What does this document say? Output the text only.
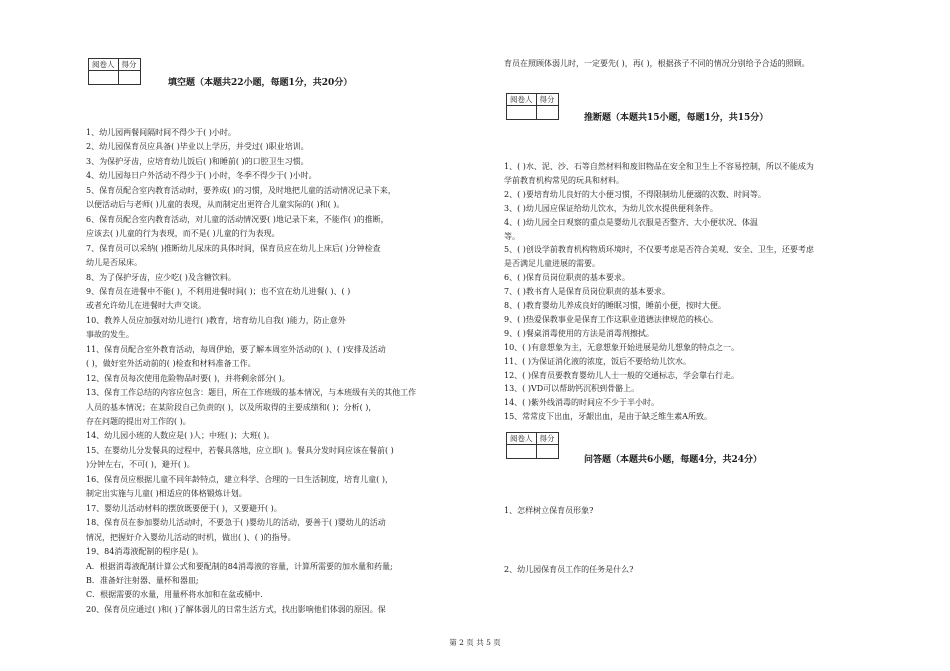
阅卷人	得分

填空题（本题共22小题，每题1分，共20分）
1、幼儿园两餐间隔时间不得少于( )小时。
2、幼儿园保育员应具备( )毕业以上学历，并受过( )职业培训。
3、为保护牙齿，应培育幼儿饭后( )和睡前( )的口腔卫生习惯。
4、幼儿园每日户外活动不得少于( )小时，冬季不得少于( )小时。
5、保育员配合室内教育活动时，要养成( )的习惯，及时地把儿童的活动情况记录下来，
以便活动后与老师( )儿童的表现，从而制定出更符合儿童实际的( )和( )。
6、保育员配合室内教育活动，对儿童的活动情况要( )地记录下来，不能作( )的推断，
应该去( )儿童的行为表现，而不是( )儿童的行为表现。
7、保育员可以采纳( )推断幼儿尿床的具体时间，保育员应在幼儿上床后( )分钟检查
幼儿是否尿床。
8、为了保护牙齿，应少吃( )及含糖饮料。
9、保育员在进餐中不能( )，不利用进餐时间( )；也不宜在幼儿进餐( )、( )
或者允许幼儿在进餐时大声交谈。
10、教养人员应加强对幼儿进行( )教育，培育幼儿自我( )能力，防止意外
事故的发生。
11、保育员配合室外教育活动，每周伊始，要了解本周室外活动的( )、( )安排及活动
( )，做好室外活动前的( )检查和材料准备工作。
12、保育员每次使用危险物品时要( )，并将剩余部分( )。
13、保育工作总结的内容应包含：题目，所在工作班级的基本情况，与本班级有关的其他工作
人员的基本情况；在某阶段自己负责的( )，以及所取得的主要成绩和( )；分析( )，
存在问题的提出对工作的( )。
14、幼儿园小班的人数应是( )人；中班( )；大班( )。
15、在婴幼儿分发餐具的过程中，若餐具落地，应立即( )。餐具分发时间应该在餐前( )
)分钟左右，不可( )，避开( )。
16、保育员应根据儿童不同年龄特点，建立科学、合理的一日生活制度，培育儿童( )，
制定出实施与儿童( )相适应的体格锻炼计划。
17、婴幼儿活动材料的摆放既要便于( )，又要避开( )。
18、保育员在参加婴幼儿活动时，不要急于( )婴幼儿的活动，要善于( )婴幼儿的活动
情况，把握好介入婴幼儿活动的时机，做出( )、( )的指导。
19、84消毒液配制的程序是( )。
A．根据消毒液配制计算公式和要配制的84消毒液的容量，计算所需要的加水量和药量;
B．准备好注射器、量杯和器皿;
C．根据需要的水量，用量杯将水加和在盆或桶中.
20、保育员应通过( )和( )了解体弱儿的日常生活方式，找出影响他们体弱的原因。保
育员在照顾体弱儿时，一定要先( )，再( )，根据孩子不同的情况分别给予合适的照顾。
阅卷人	得分

推断题（本题共15小题，每题1分，共15分）
1、( )水、泥、沙、石等自然材料和废旧物品在安全和卫生上不容易控制，所以不能成为
学前教育机构常见的玩具和材料。
2、( )要培育幼儿良好的大小便习惯，不得限制幼儿便溺的次数、时间等。
3、( )幼儿园应保证给幼儿饮水，为幼儿饮水提供便利条件。
4、( )幼儿园全日观察的重点是婴幼儿衣服是否整齐、大小便状况、体温
等。
5、( )创设学前教育机构物质环境时，不仅要考虑是否符合美观、安全、卫生，还要考虑
是否满足儿童进展的需要。
6、( )保育员岗位职责的基本要求。
7、( )教书育人是保育员岗位职责的基本要求。
8、( )教育婴幼儿养成良好的睡眠习惯，睡前小便，按时大便。
9、( )热爱保教事业是保育工作这职业道德法律规范的核心。
9、( )餐桌消毒使用的方法是消毒剂擦拭。
10、( )有意想象为主，无意想象开始进展是幼儿想象的特点之一。
11、( )为保证消化液的浓度，饭后不要给幼儿饮水。
12、( )保育员要教育婴幼儿人士一般的交通标志，学会靠右行走。
13、( )VD可以帮助钙沉积到骨骼上。
14、( )紫外线消毒的时间应不少于半小时。
15、常常皮下出血，牙龈出血，是由于缺乏维生素A所致。
阅卷人	得分

问答题（本题共6小题，每题4分，共24分）
1、怎样树立保育员形象?
2、幼儿园保育员工作的任务是什么?
第 2 页 共 5 页
